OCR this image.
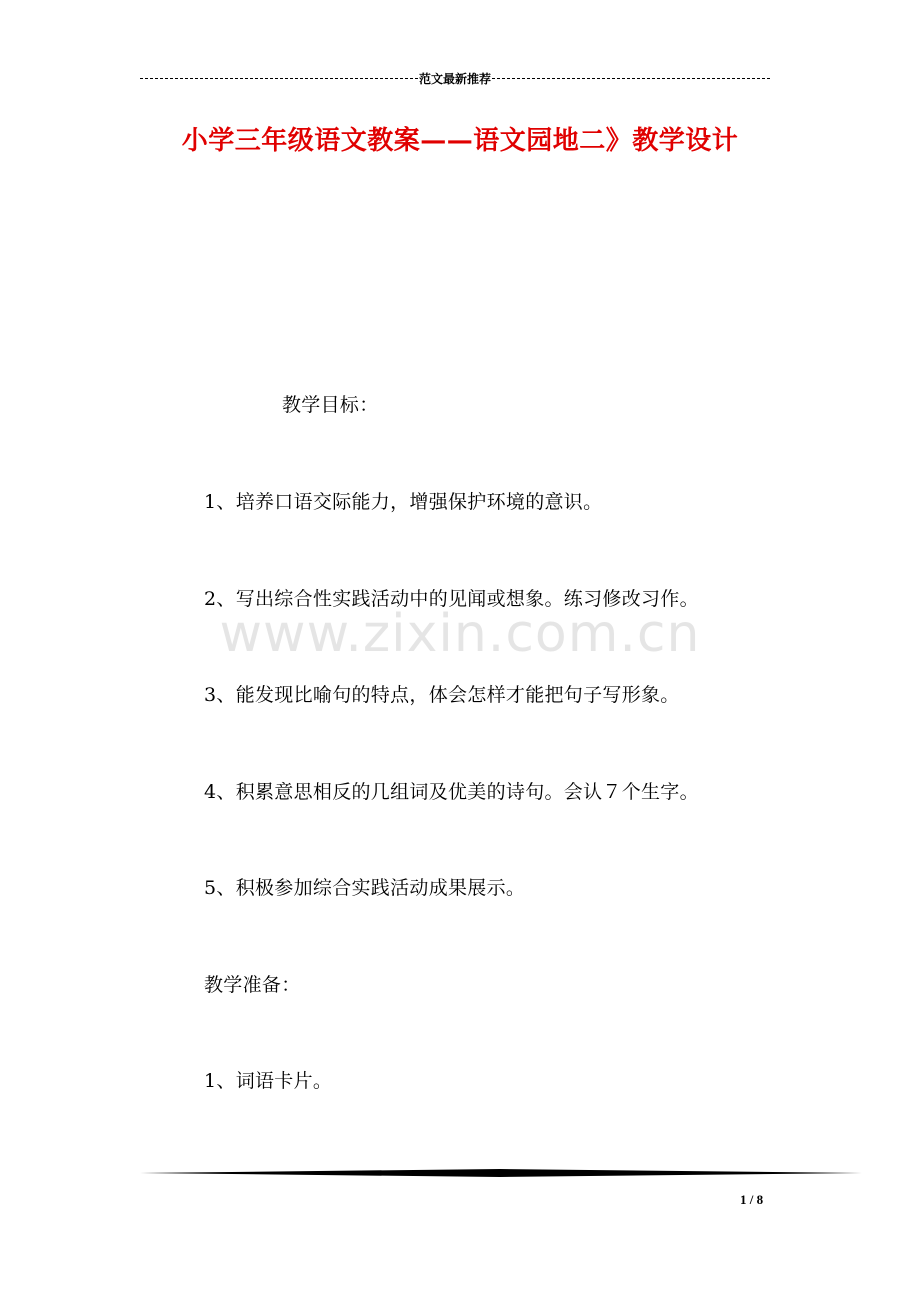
范文最新推荐
小学三年级语文教案——语文园地二》教学设计
教学目标：
1、培养口语交际能力，增强保护环境的意识。
2、写出综合性实践活动中的见闻或想象。练习修改习作。
3、能发现比喻句的特点，体会怎样才能把句子写形象。
4、积累意思相反的几组词及优美的诗句。会认７个生字。
5、积极参加综合实践活动成果展示。
教学准备：
1、词语卡片。
www.zixin.com.cn
1 / 8
